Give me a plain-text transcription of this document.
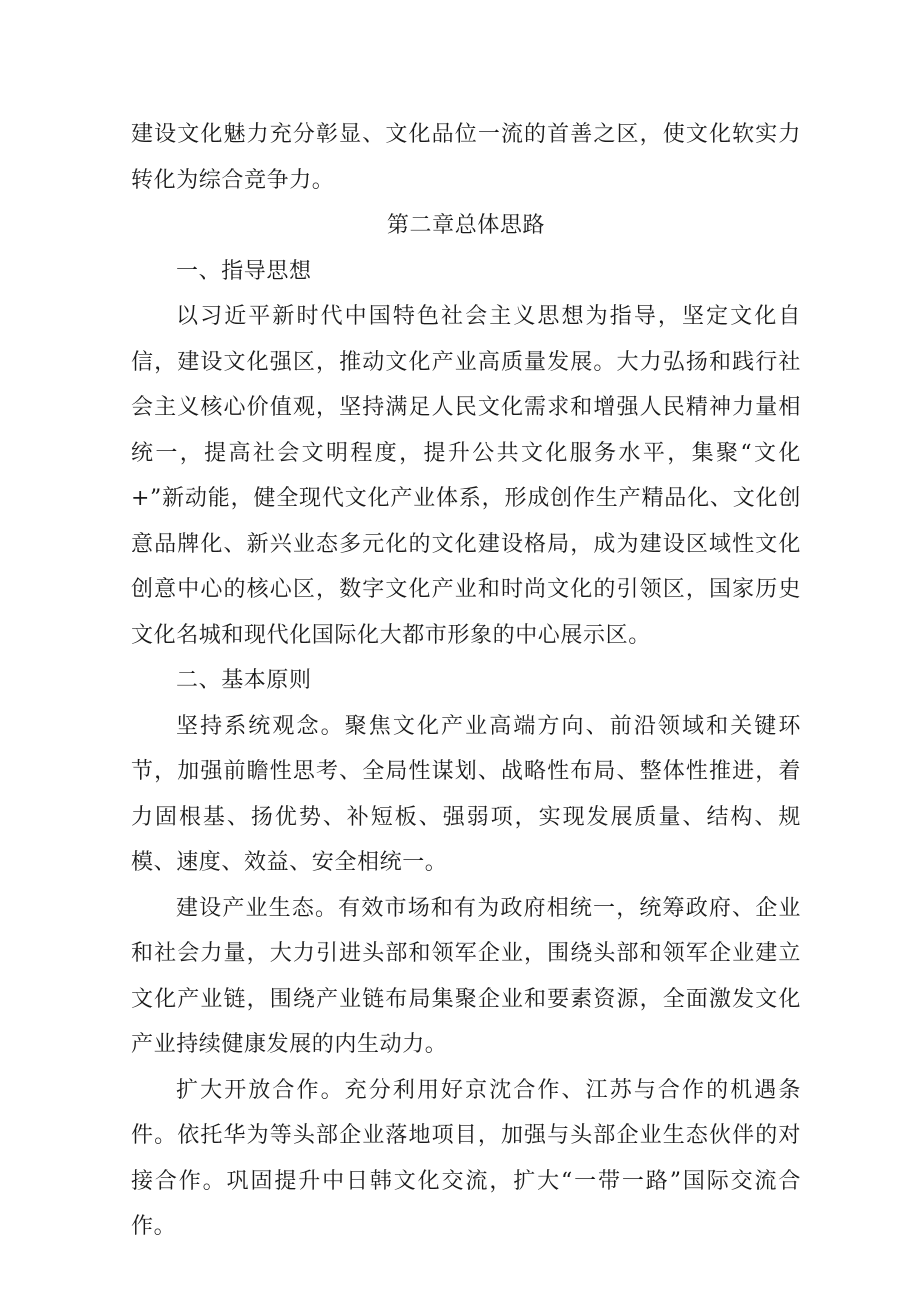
建设文化魅力充分彰显、文化品位一流的首善之区，使文化软实力转化为综合竞争力。

第二章总体思路

一、指导思想

以习近平新时代中国特色社会主义思想为指导，坚定文化自信，建设文化强区，推动文化产业高质量发展。大力弘扬和践行社会主义核心价值观，坚持满足人民文化需求和增强人民精神力量相统一，提高社会文明程度，提升公共文化服务水平，集聚“文化+”新动能，健全现代文化产业体系，形成创作生产精品化、文化创意品牌化、新兴业态多元化的文化建设格局，成为建设区域性文化创意中心的核心区，数字文化产业和时尚文化的引领区，国家历史文化名城和现代化国际化大都市形象的中心展示区。

二、基本原则

坚持系统观念。聚焦文化产业高端方向、前沿领域和关键环节，加强前瞻性思考、全局性谋划、战略性布局、整体性推进，着力固根基、扬优势、补短板、强弱项，实现发展质量、结构、规模、速度、效益、安全相统一。

建设产业生态。有效市场和有为政府相统一，统筹政府、企业和社会力量，大力引进头部和领军企业，围绕头部和领军企业建立文化产业链，围绕产业链布局集聚企业和要素资源，全面激发文化产业持续健康发展的内生动力。

扩大开放合作。充分利用好京沈合作、江苏与合作的机遇条件。依托华为等头部企业落地项目，加强与头部企业生态伙伴的对接合作。巩固提升中日韩文化交流，扩大“一带一路”国际交流合作。
